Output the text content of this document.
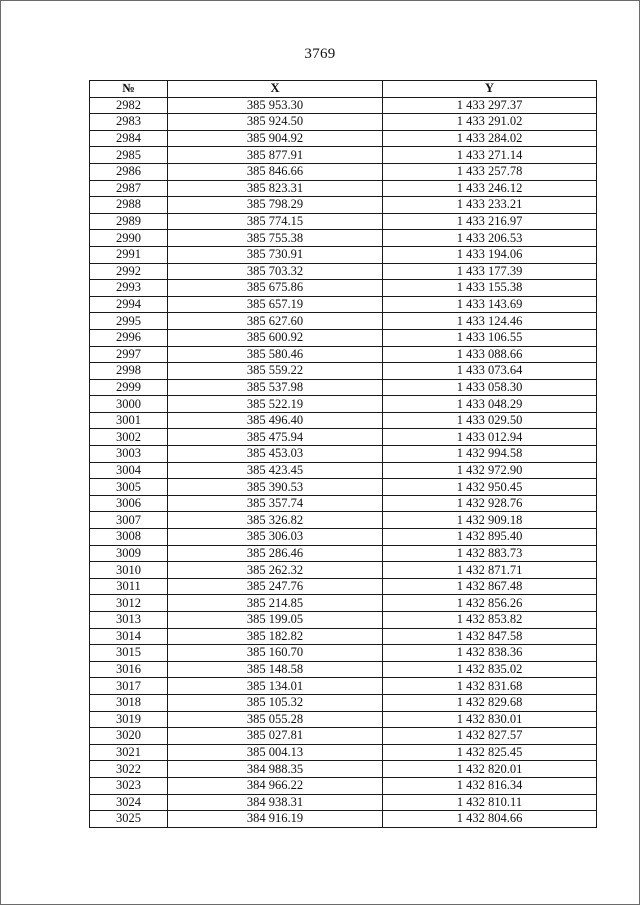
3769
№	X	Y
2982	385 953.30	1 433 297.37
2983	385 924.50	1 433 291.02
2984	385 904.92	1 433 284.02
2985	385 877.91	1 433 271.14
2986	385 846.66	1 433 257.78
2987	385 823.31	1 433 246.12
2988	385 798.29	1 433 233.21
2989	385 774.15	1 433 216.97
2990	385 755.38	1 433 206.53
2991	385 730.91	1 433 194.06
2992	385 703.32	1 433 177.39
2993	385 675.86	1 433 155.38
2994	385 657.19	1 433 143.69
2995	385 627.60	1 433 124.46
2996	385 600.92	1 433 106.55
2997	385 580.46	1 433 088.66
2998	385 559.22	1 433 073.64
2999	385 537.98	1 433 058.30
3000	385 522.19	1 433 048.29
3001	385 496.40	1 433 029.50
3002	385 475.94	1 433 012.94
3003	385 453.03	1 432 994.58
3004	385 423.45	1 432 972.90
3005	385 390.53	1 432 950.45
3006	385 357.74	1 432 928.76
3007	385 326.82	1 432 909.18
3008	385 306.03	1 432 895.40
3009	385 286.46	1 432 883.73
3010	385 262.32	1 432 871.71
3011	385 247.76	1 432 867.48
3012	385 214.85	1 432 856.26
3013	385 199.05	1 432 853.82
3014	385 182.82	1 432 847.58
3015	385 160.70	1 432 838.36
3016	385 148.58	1 432 835.02
3017	385 134.01	1 432 831.68
3018	385 105.32	1 432 829.68
3019	385 055.28	1 432 830.01
3020	385 027.81	1 432 827.57
3021	385 004.13	1 432 825.45
3022	384 988.35	1 432 820.01
3023	384 966.22	1 432 816.34
3024	384 938.31	1 432 810.11
3025	384 916.19	1 432 804.66
